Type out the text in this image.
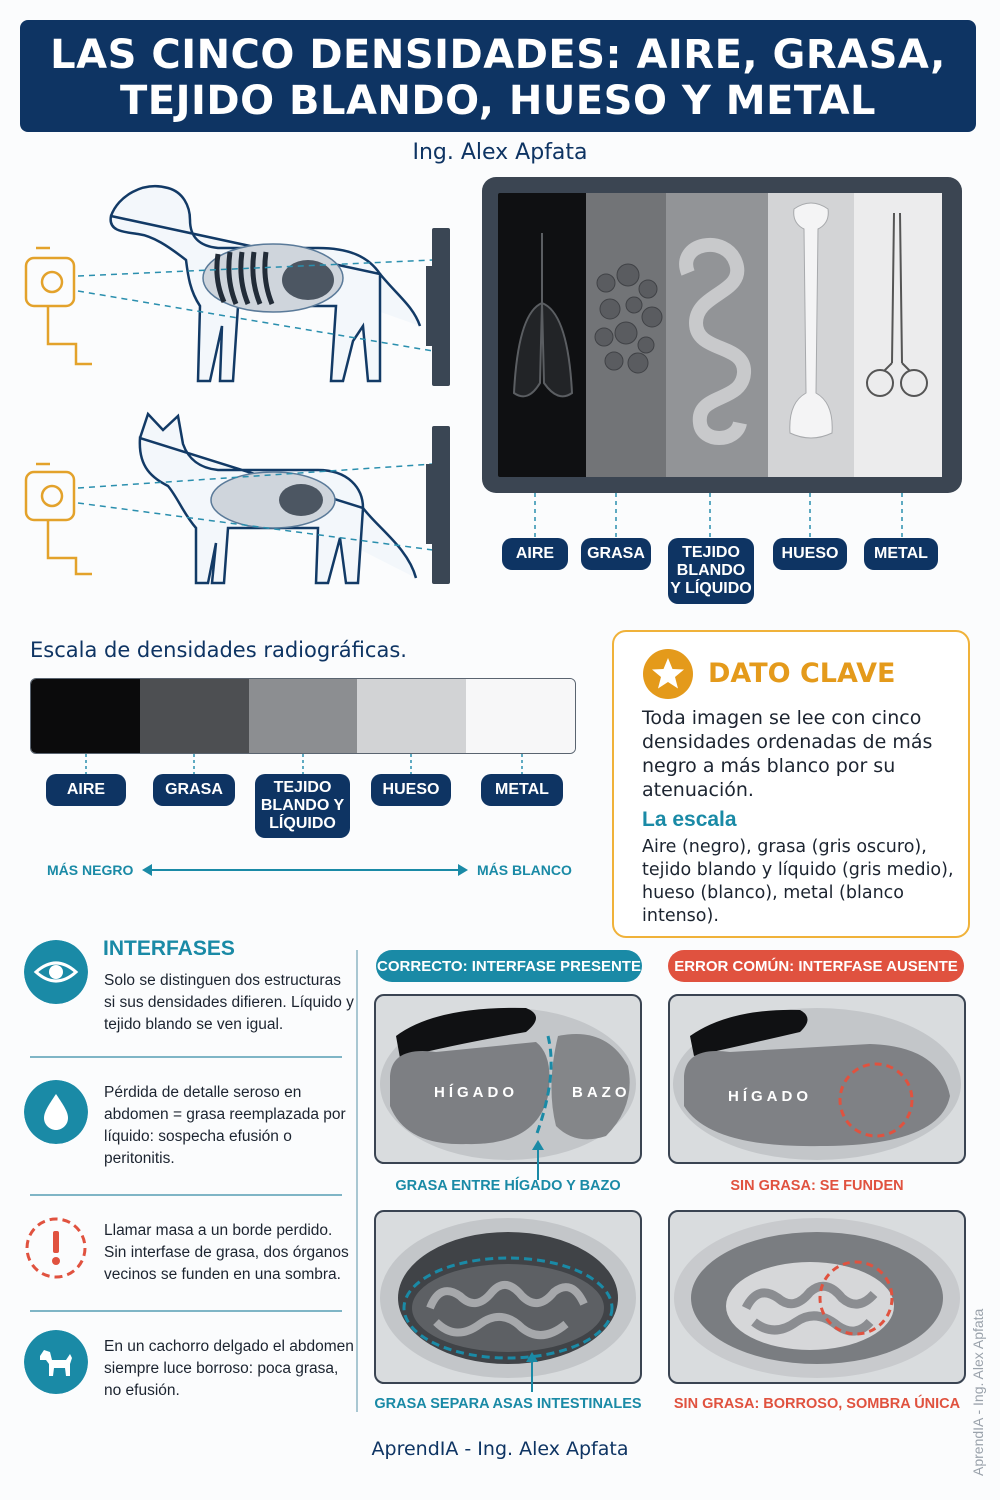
LAS CINCO DENSIDADES: AIRE, GRASA,
TEJIDO BLANDO, HUESO Y METAL
Ing. Alex Apfata
AIRE GRASA TEJIDO
BLANDO
Y LÍQUIDO
HUESO METAL
Escala de densidades radiográficas.
AIRE	GRASA	TEJIDO
BLANDO Y
LÍQUIDO
HUESO	METAL
MÁS NEGRO	MÁS BLANCO
DATO CLAVE
Toda imagen se lee con cinco densidades ordenadas de más negro a más blanco por su atenuación.
La escala
Aire (negro), grasa (gris oscuro), tejido blando y líquido (gris medio), hueso (blanco), metal (blanco intenso).
INTERFASES
Solo se distinguen dos estructuras si sus densidades difieren. Líquido y tejido blando se ven igual.
Pérdida de detalle seroso en abdomen = grasa reemplazada por líquido: sospecha efusión o peritonitis.
Llamar masa a un borde perdido. Sin interfase de grasa, dos órganos vecinos se funden en una sombra.
En un cachorro delgado el abdomen siempre luce borroso: poca grasa, no efusión.
CORRECTO: INTERFASE PRESENTE ERROR COMÚN: INTERFASE AUSENTE
HÍGADO	BAZO
GRASA ENTRE HÍGADO Y BAZO
HÍGADO
SIN GRASA: SE FUNDEN
GRASA SEPARA ASAS INTESTINALES	SIN GRASA: BORROSO, SOMBRA ÚNICA
AprendIA - Ing. Alex Apfata	AprendIA - Ing. Alex Apfata
